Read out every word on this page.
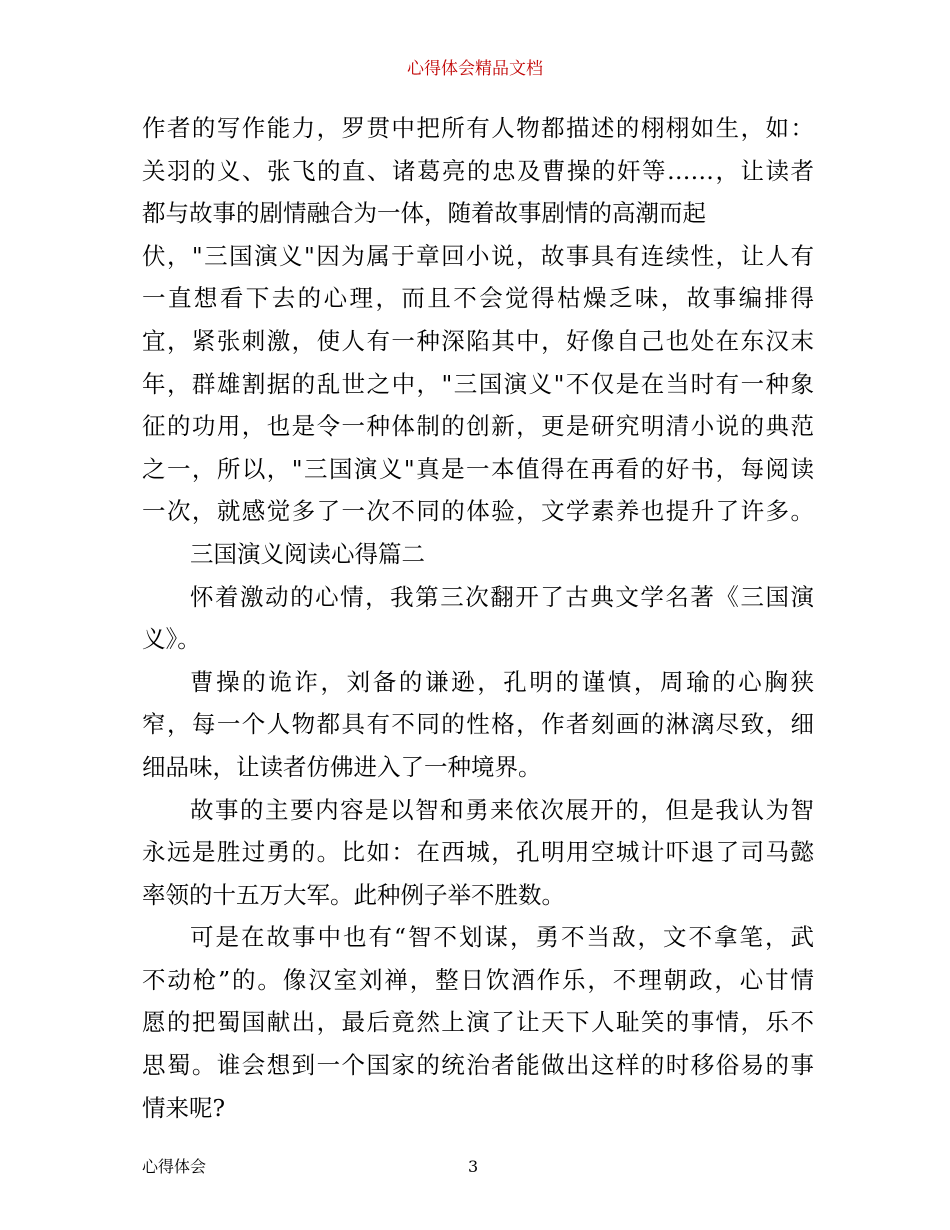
心得体会精品文档
作者的写作能力，罗贯中把所有人物都描述的栩栩如生，如：
关羽的义、张飞的直、诸葛亮的忠及曹操的奸等……，让读者
都与故事的剧情融合为一体，随着故事剧情的高潮而起
伏，"三国演义"因为属于章回小说，故事具有连续性，让人有
一直想看下去的心理，而且不会觉得枯燥乏味，故事编排得
宜，紧张刺激，使人有一种深陷其中，好像自己也处在东汉末
年，群雄割据的乱世之中，"三国演义"不仅是在当时有一种象
征的功用，也是令一种体制的创新，更是研究明清小说的典范
之一，所以，"三国演义"真是一本值得在再看的好书，每阅读
一次，就感觉多了一次不同的体验，文学素养也提升了许多。
三国演义阅读心得篇二
怀着激动的心情，我第三次翻开了古典文学名著《三国演
义》。
曹操的诡诈，刘备的谦逊，孔明的谨慎，周瑜的心胸狭
窄，每一个人物都具有不同的性格，作者刻画的淋漓尽致，细
细品味，让读者仿佛进入了一种境界。
故事的主要内容是以智和勇来依次展开的，但是我认为智
永远是胜过勇的。比如：在西城，孔明用空城计吓退了司马懿
率领的十五万大军。此种例子举不胜数。
可是在故事中也有“智不划谋，勇不当敌，文不拿笔，武
不动枪”的。像汉室刘禅，整日饮酒作乐，不理朝政，心甘情
愿的把蜀国献出，最后竟然上演了让天下人耻笑的事情，乐不
思蜀。谁会想到一个国家的统治者能做出这样的时移俗易的事
情来呢?
心得体会	3
